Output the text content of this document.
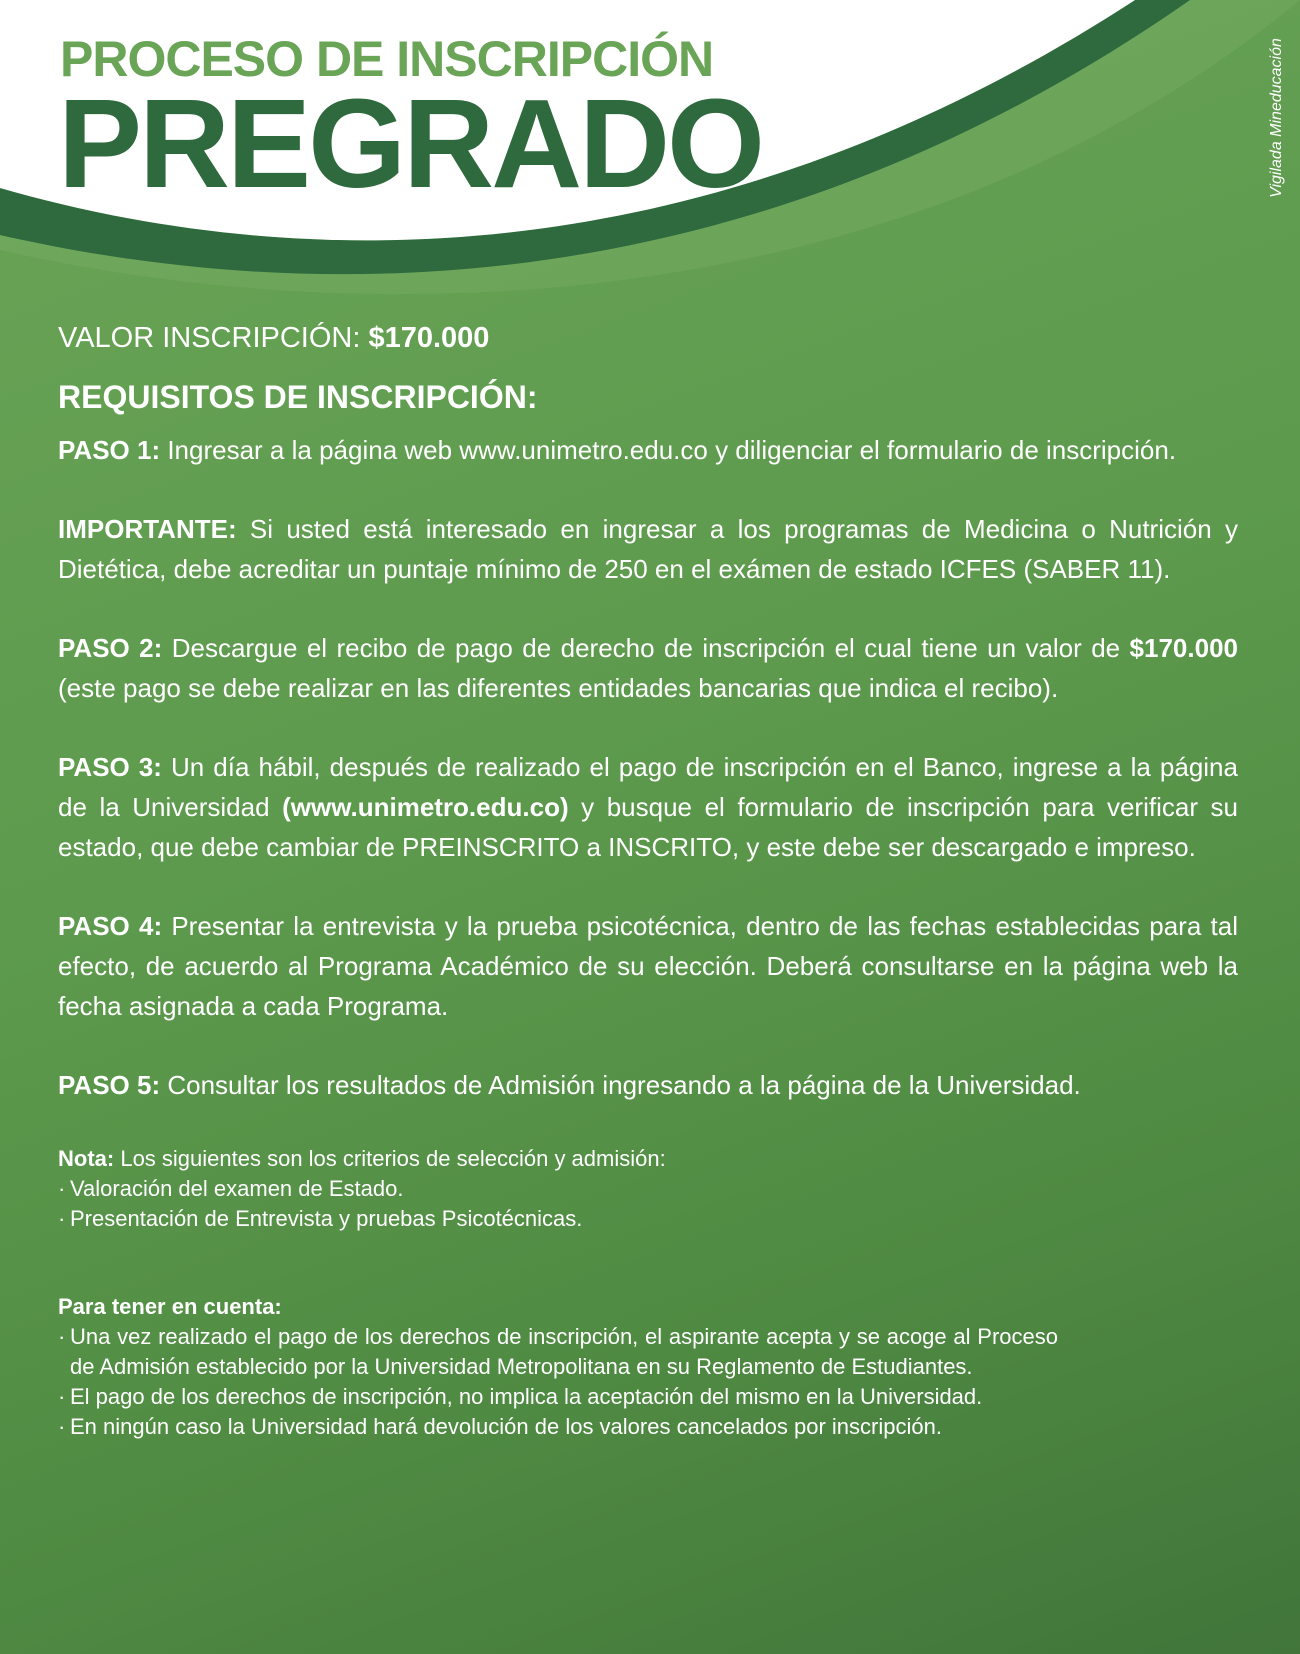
PROCESO DE INSCRIPCIÓN
PREGRADO	Vigilada Mineducación

VALOR INSCRIPCIÓN: $170.000

REQUISITOS DE INSCRIPCIÓN:

PASO 1: Ingresar a la página web www.unimetro.edu.co y diligenciar el formulario de inscripción.

IMPORTANTE: Si usted está interesado en ingresar a los programas de Medicina o Nutrición y Dietética, debe acreditar un puntaje mínimo de 250 en el exámen de estado ICFES (SABER 11).

PASO 2: Descargue el recibo de pago de derecho de inscripción el cual tiene un valor de $170.000 (este pago se debe realizar en las diferentes entidades bancarias que indica el recibo).

PASO 3: Un día hábil, después de realizado el pago de inscripción en el Banco, ingrese a la página de la Universidad (www.unimetro.edu.co) y busque el formulario de inscripción para verificar su estado, que debe cambiar de PREINSCRITO a INSCRITO, y este debe ser descargado e impreso.

PASO 4: Presentar la entrevista y la prueba psicotécnica, dentro de las fechas establecidas para tal efecto, de acuerdo al Programa Académico de su elección. Deberá consultarse en la página web la fecha asignada a cada Programa.

PASO 5: Consultar los resultados de Admisión ingresando a la página de la Universidad.

Nota: Los siguientes son los criterios de selección y admisión:
· Valoración del examen de Estado.
· Presentación de Entrevista y pruebas Psicotécnicas.
Para tener en cuenta:
· Una vez realizado el pago de los derechos de inscripción, el aspirante acepta y se acoge al Proceso de Admisión establecido por la Universidad Metropolitana en su Reglamento de Estudiantes.
· El pago de los derechos de inscripción, no implica la aceptación del mismo en la Universidad.
· En ningún caso la Universidad hará devolución de los valores cancelados por inscripción.
